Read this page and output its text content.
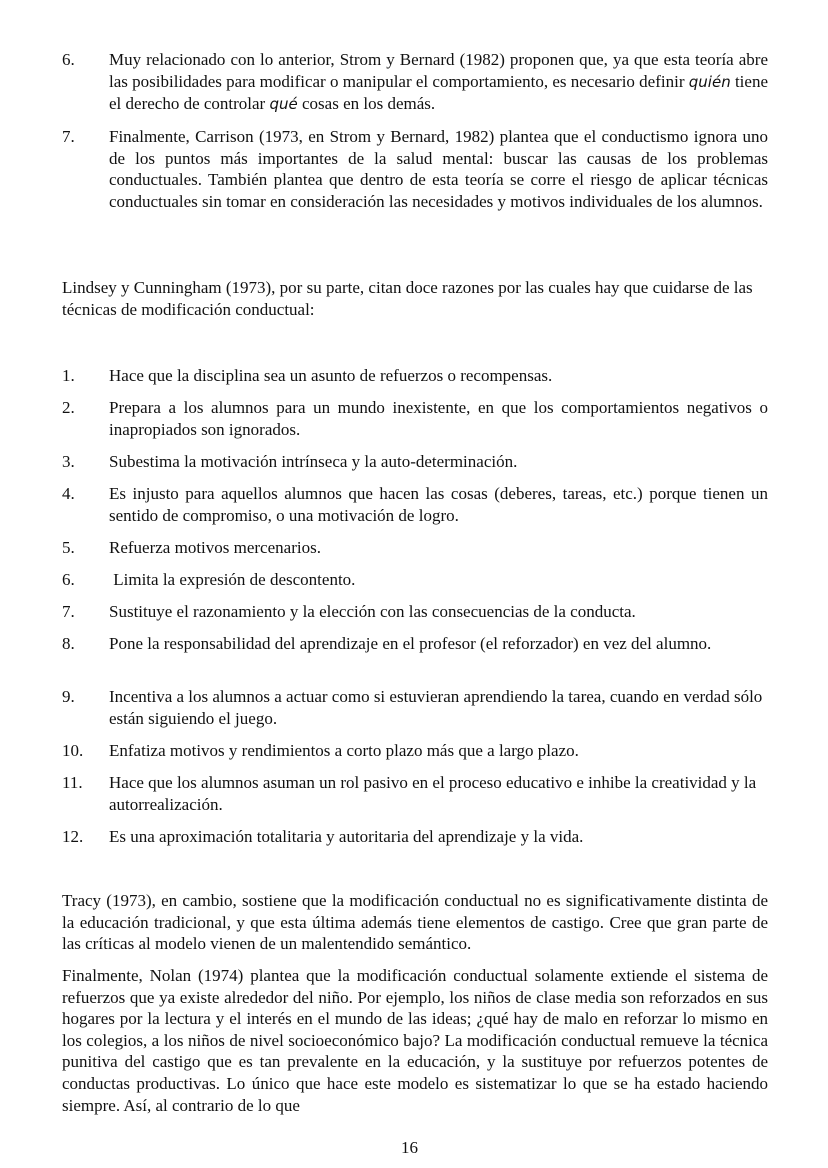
6.	Muy relacionado con lo anterior, Strom y Bernard (1982) proponen que, ya que esta teoría abre las posibilidades para modificar o manipular el comportamiento, es necesario definir quién tiene el derecho de controlar qué cosas en los demás.
7.	Finalmente, Carrison (1973, en Strom y Bernard, 1982) plantea que el conductismo ignora uno de los puntos más importantes de la salud mental: buscar las causas de los problemas conductuales. También plantea que dentro de esta teoría se corre el riesgo de aplicar técnicas conductuales sin tomar en consideración las necesidades y motivos individuales de los alumnos.
Lindsey y Cunningham (1973), por su parte, citan doce razones por las cuales hay que cuidarse de las técnicas de modificación conductual:
1.	Hace que la disciplina sea un asunto de refuerzos o recompensas.
2.	Prepara a los alumnos para un mundo inexistente, en que los comportamientos negativos o inapropiados son ignorados.
3.	Subestima la motivación intrínseca y la auto-determinación.
4.	Es injusto para aquellos alumnos que hacen las cosas (deberes, tareas, etc.) porque tienen un sentido de compromiso, o una motivación de logro.
5.	Refuerza motivos mercenarios.
6.	Limita la expresión de descontento.
7.	Sustituye el razonamiento y la elección con las consecuencias de la conducta.
8.	Pone la responsabilidad del aprendizaje en el profesor (el reforzador) en vez del alumno.
9.	Incentiva a los alumnos a actuar como si estuvieran aprendiendo la tarea, cuando en verdad sólo están siguiendo el juego.
10.	Enfatiza motivos y rendimientos a corto plazo más que a largo plazo.
11.	Hace que los alumnos asuman un rol pasivo en el proceso educativo e inhibe la creatividad y la autorrealización.
12.	Es una aproximación totalitaria y autoritaria del aprendizaje y la vida.
Tracy (1973), en cambio, sostiene que la modificación conductual no es significativamente distinta de la educación tradicional, y que esta última además tiene elementos de castigo. Cree que gran parte de las críticas al modelo vienen de un malentendido semántico.
Finalmente, Nolan (1974) plantea que la modificación conductual solamente extiende el sistema de refuerzos que ya existe alrededor del niño. Por ejemplo, los niños de clase media son reforzados en sus hogares por la lectura y el interés en el mundo de las ideas; ¿qué hay de malo en reforzar lo mismo en los colegios, a los niños de nivel socioeconómico bajo? La modificación conductual remueve la técnica punitiva del castigo que es tan prevalente en la educación, y la sustituye por refuerzos potentes de conductas productivas. Lo único que hace este modelo es sistematizar lo que se ha estado haciendo siempre. Así, al contrario de lo que
16
